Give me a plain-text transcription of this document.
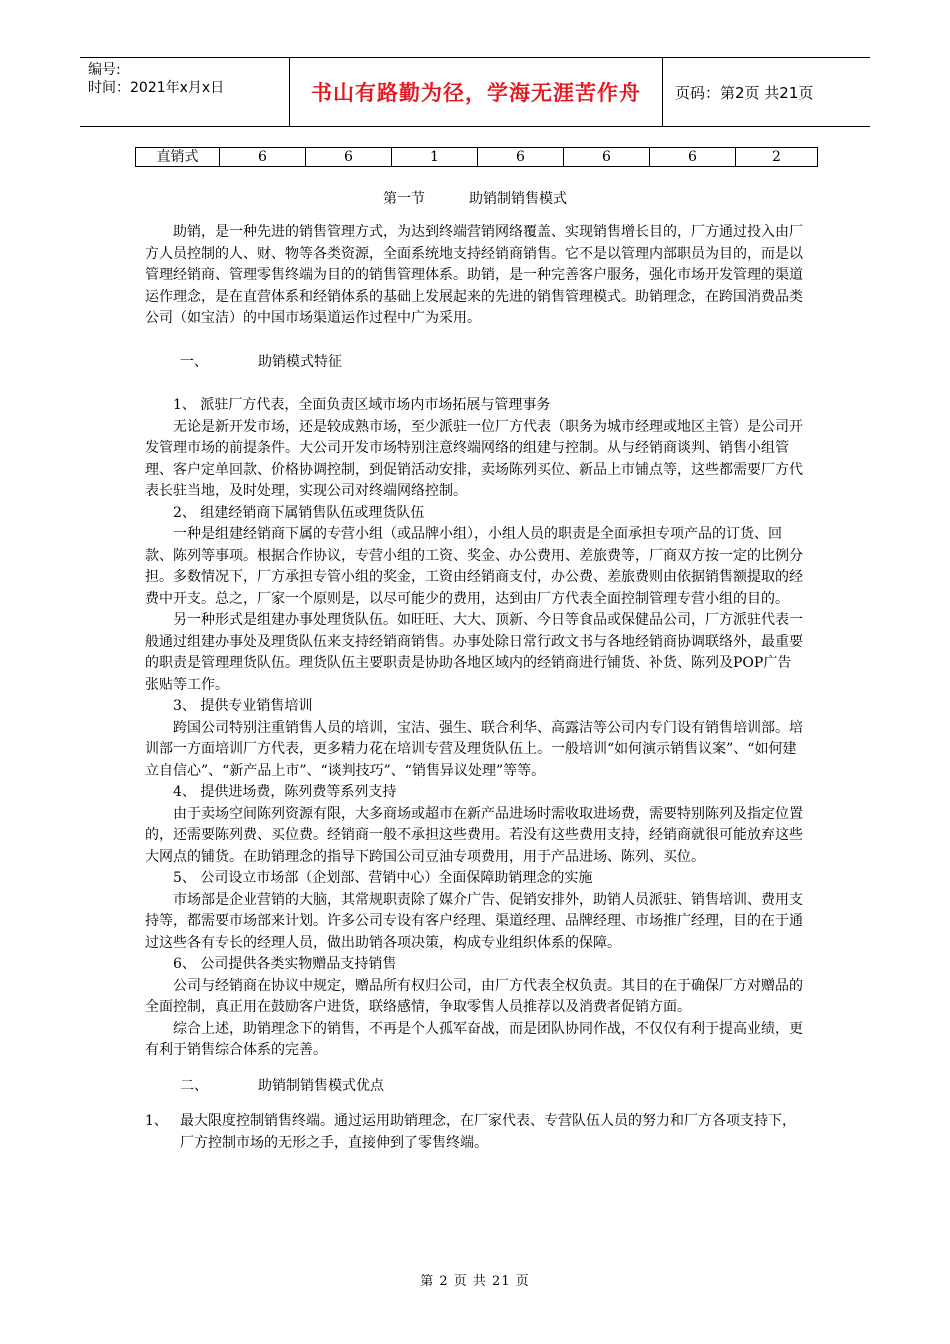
编号:
时间：2021年x月x日	书山有路勤为径，学海无涯苦作舟	页码：第2页 共21页
直销式	6	6	1	6	6	6	2
第一节	助销制销售模式

助销，是一种先进的销售管理方式，为达到终端营销网络覆盖、实现销售增长目的，厂方通过投入由厂方人员控制的人、财、物等各类资源，全面系统地支持经销商销售。它不是以管理内部职员为目的，而是以管理经销商、管理零售终端为目的的销售管理体系。助销，是一种完善客户服务，强化市场开发管理的渠道运作理念，是在直营体系和经销体系的基础上发展起来的先进的销售管理模式。助销理念，在跨国消费品类公司（如宝洁）的中国市场渠道运作过程中广为采用。

一、	助销模式特征

1、 派驻厂方代表，全面负责区域市场内市场拓展与管理事务

无论是新开发市场，还是较成熟市场，至少派驻一位厂方代表（职务为城市经理或地区主管）是公司开发管理市场的前提条件。大公司开发市场特别注意终端网络的组建与控制。从与经销商谈判、销售小组管理、客户定单回款、价格协调控制，到促销活动安排，卖场陈列买位、新品上市铺点等，这些都需要厂方代表长驻当地，及时处理，实现公司对终端网络控制。

2、 组建经销商下属销售队伍或理货队伍

一种是组建经销商下属的专营小组（或品牌小组），小组人员的职责是全面承担专项产品的订货、回款、陈列等事项。根据合作协议，专营小组的工资、奖金、办公费用、差旅费等，厂商双方按一定的比例分担。多数情况下，厂方承担专管小组的奖金，工资由经销商支付，办公费、差旅费则由依据销售额提取的经费中开支。总之，厂家一个原则是，以尽可能少的费用，达到由厂方代表全面控制管理专营小组的目的。

另一种形式是组建办事处理货队伍。如旺旺、大大、顶新、今日等食品或保健品公司，厂方派驻代表一般通过组建办事处及理货队伍来支持经销商销售。办事处除日常行政文书与各地经销商协调联络外，最重要的职责是管理理货队伍。理货队伍主要职责是协助各地区域内的经销商进行铺货、补货、陈列及POP广告张贴等工作。

3、 提供专业销售培训

跨国公司特别注重销售人员的培训，宝洁、强生、联合利华、高露洁等公司内专门设有销售培训部。培训部一方面培训厂方代表，更多精力花在培训专营及理货队伍上。一般培训“如何演示销售议案”、“如何建立自信心”、“新产品上市”、“谈判技巧”、“销售异议处理”等等。

4、 提供进场费，陈列费等系列支持

由于卖场空间陈列资源有限，大多商场或超市在新产品进场时需收取进场费，需要特别陈列及指定位置的，还需要陈列费、买位费。经销商一般不承担这些费用。若没有这些费用支持，经销商就很可能放弃这些大网点的铺货。在助销理念的指导下跨国公司豆油专项费用，用于产品进场、陈列、买位。

5、 公司设立市场部（企划部、营销中心）全面保障助销理念的实施

市场部是企业营销的大脑，其常规职责除了媒介广告、促销安排外，助销人员派驻、销售培训、费用支持等，都需要市场部来计划。许多公司专设有客户经理、渠道经理、品牌经理、市场推广经理，目的在于通过这些各有专长的经理人员，做出助销各项决策，构成专业组织体系的保障。

6、 公司提供各类实物赠品支持销售

公司与经销商在协议中规定，赠品所有权归公司，由厂方代表全权负责。其目的在于确保厂方对赠品的全面控制，真正用在鼓励客户进货，联络感情，争取零售人员推荐以及消费者促销方面。

综合上述，助销理念下的销售，不再是个人孤军奋战，而是团队协同作战，不仅仅有利于提高业绩，更有利于销售综合体系的完善。

二、	助销制销售模式优点

1、 最大限度控制销售终端。通过运用助销理念，在厂家代表、专营队伍人员的努力和厂方各项支持下，厂方控制市场的无形之手，直接伸到了零售终端。

第 2 页 共 21 页
